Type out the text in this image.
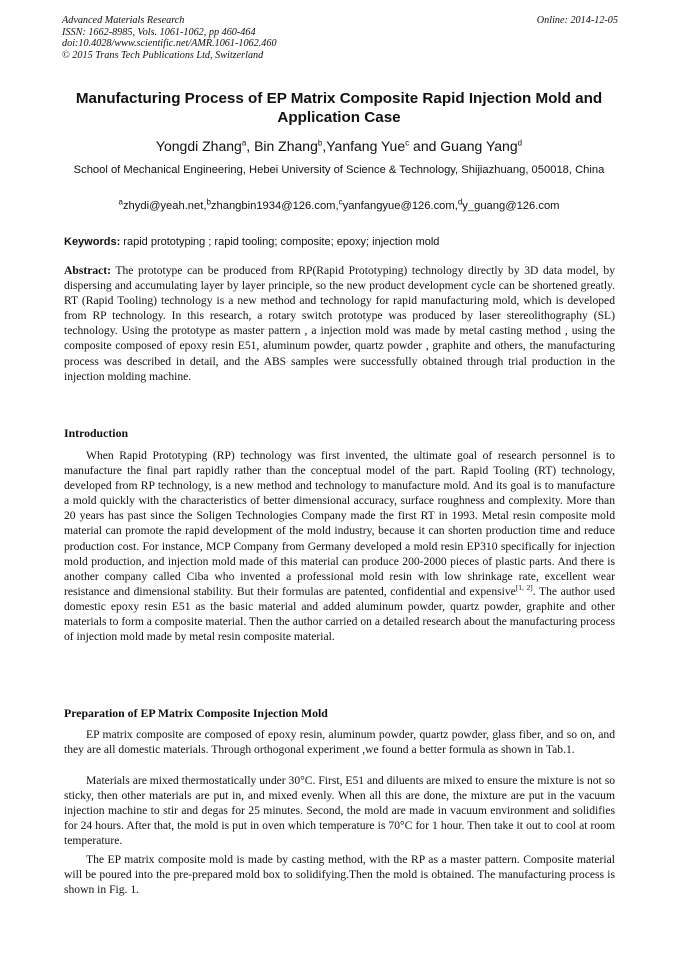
Advanced Materials Research
ISSN: 1662-8985, Vols. 1061-1062, pp 460-464
doi:10.4028/www.scientific.net/AMR.1061-1062.460
© 2015 Trans Tech Publications Ltd, Switzerland
Online: 2014-12-05
Manufacturing Process of EP Matrix Composite Rapid Injection Mold and Application Case
Yongdi Zhang$^a$, Bin Zhang$^b$,Yanfang Yue$^c$ and Guang Yang$^d$
School of Mechanical Engineering, Hebei University of Science & Technology, Shijiazhuang, 050018, China
$^a$zhydi@yeah.net,$^b$zhangbin1934@126.com,$^c$yanfangyue@126.com,$^d$y_guang@126.com
Keywords: rapid prototyping ; rapid tooling; composite; epoxy; injection mold
Abstract: The prototype can be produced from RP(Rapid Prototyping) technology directly by 3D data model, by dispersing and accumulating layer by layer principle, so the new product development cycle can be shortened greatly. RT (Rapid Tooling) technology is a new method and technology for rapid manufacturing mold, which is developed from RP technology. In this research, a rotary switch prototype was produced by laser stereolithography (SL) technology. Using the prototype as master pattern , a injection mold was made by metal casting method , using the composite composed of epoxy resin E51, aluminum powder, quartz powder , graphite and others, the manufacturing process was described in detail, and the ABS samples were successfully obtained through trial production in the injection molding machine.
Introduction
When Rapid Prototyping (RP) technology was first invented, the ultimate goal of research personnel is to manufacture the final part rapidly rather than the conceptual model of the part. Rapid Tooling (RT) technology, developed from RP technology, is a new method and technology to manufacture mold. And its goal is to manufacture a mold quickly with the characteristics of better dimensional accuracy, surface roughness and complexity. More than 20 years has past since the Soligen Technologies Company made the first RT in 1993. Metal resin composite mold material can promote the rapid development of the mold industry, because it can shorten production time and reduce production cost. For instance, MCP Company from Germany developed a mold resin EP310 specifically for injection mold production, and injection mold made of this material can produce 200-2000 pieces of plastic parts. And there is another company called Ciba who invented a professional mold resin with low shrinkage rate, excellent wear resistance and dimensional stability. But their formulas are patented, confidential and expensive[1, 2]. The author used domestic epoxy resin E51 as the basic material and added aluminum powder, quartz powder, graphite and other materials to form a composite material. Then the author carried on a detailed research about the manufacturing process of injection mold made by metal resin composite material.
Preparation of EP Matrix Composite Injection Mold
EP matrix composite are composed of epoxy resin, aluminum powder, quartz powder, glass fiber, and so on, and they are all domestic materials. Through orthogonal experiment ,we found a better formula as shown in Tab.1.
Materials are mixed thermostatically under 30°C. First, E51 and diluents are mixed to ensure the mixture is not so sticky, then other materials are put in, and mixed evenly. When all this are done, the mixture are put in the vacuum injection machine to stir and degas for 25 minutes. Second, the mold are made in vacuum environment and solidifies for 24 hours. After that, the mold is put in oven which temperature is 70°C for 1 hour. Then take it out to cool at room temperature.
The EP matrix composite mold is made by casting method, with the RP as a master pattern. Composite material will be poured into the pre-prepared mold box to solidifying.Then the mold is obtained. The manufacturing process is shown in Fig. 1.
